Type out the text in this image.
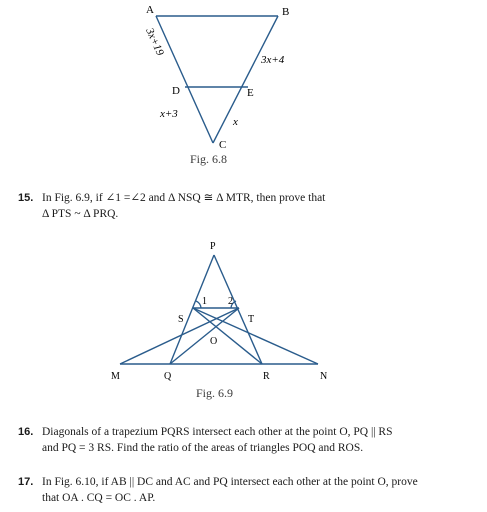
A	B
D	E
C
3x+19
3x+4
x+3
x
Fig. 6.8
15. In Fig. 6.9, if ∠1 =∠2 and Δ NSQ ≅ Δ MTR, then prove that
Δ PTS ~ Δ PRQ.
P
S	T
O
1 2
M	Q	R	N
Fig. 6.9
16. Diagonals of a trapezium PQRS intersect each other at the point O, PQ || RS
and PQ = 3 RS. Find the ratio of the areas of triangles POQ and ROS.
17. In Fig. 6.10, if AB || DC and AC and PQ intersect each other at the point O, prove
that OA . CQ = OC . AP.
